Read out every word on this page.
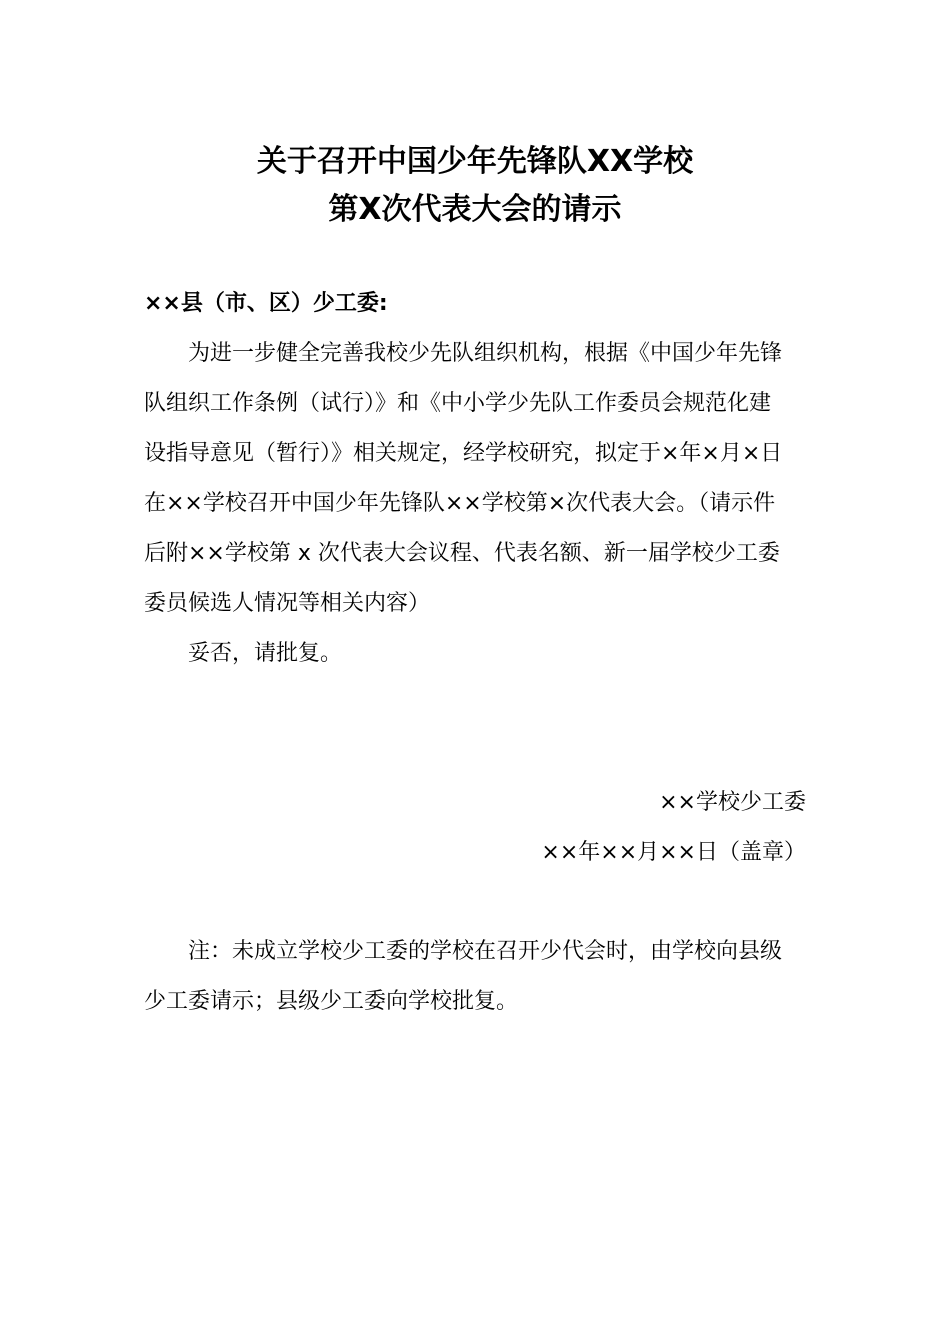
关于召开中国少年先锋队XX学校
第X次代表大会的请示
××县（市、区）少工委:
为进一步健全完善我校少先队组织机构，根据《中国少年先锋
队组织工作条例（试行）》和《中小学少先队工作委员会规范化建
设指导意见（暂行）》相关规定，经学校研究，拟定于×年×月×日
在××学校召开中国少年先锋队××学校第×次代表大会。（请示件
后附××学校第 x 次代表大会议程、代表名额、新一届学校少工委
委员候选人情况等相关内容）
妥否，请批复。
××学校少工委
××年××月××日（盖章）
注：未成立学校少工委的学校在召开少代会时，由学校向县级
少工委请示；县级少工委向学校批复。
